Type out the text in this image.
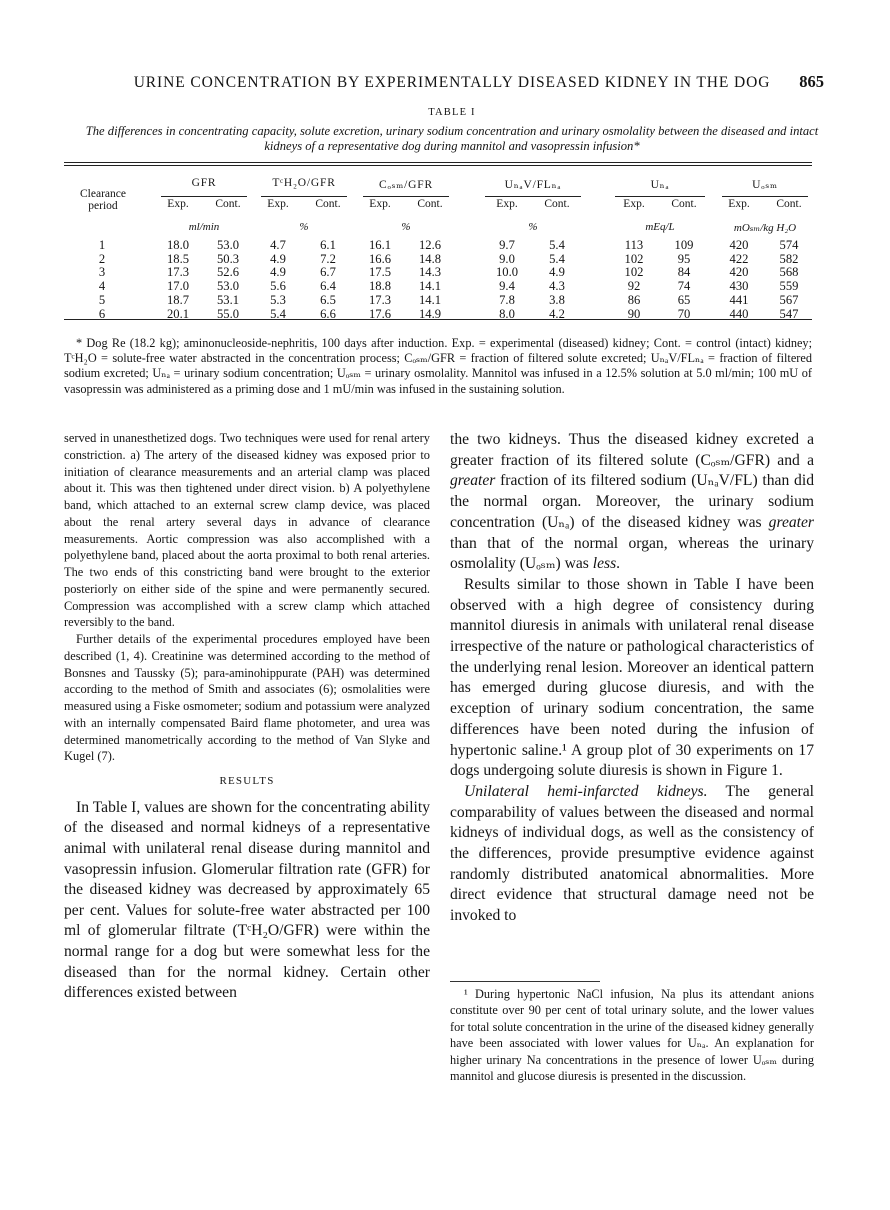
URINE CONCENTRATION BY EXPERIMENTALLY DISEASED KIDNEY IN THE DOG	865
TABLE I
The differences in concentrating capacity, solute excretion, urinary sodium concentration and urinary osmolality between the diseased and intact kidneys of a representative dog during mannitol and vasopressin infusion*
Clearance period
GFR
Exp.	Cont.
ml/min
TᶜH₂O/GFR
Exp.	Cont.
%
Cₒₛₘ/GFR
Exp.	Cont.
%
UₙₐV/FLₙₐ
Exp.	Cont.
%
Uₙₐ
Exp.	Cont.
mEq/L
Uₒₛₘ
Exp.	Cont.
mOₛₘ/kg H₂O
1	18.0	53.0	4.7	6.1	16.1	12.6	9.7	5.4	113	109	420	574
2	18.5	50.3	4.9	7.2	16.6	14.8	9.0	5.4	102	95	422	582
3	17.3	52.6	4.9	6.7	17.5	14.3	10.0	4.9	102	84	420	568
4	17.0	53.0	5.6	6.4	18.8	14.1	9.4	4.3	92	74	430	559
5	18.7	53.1	5.3	6.5	17.3	14.1	7.8	3.8	86	65	441	567
6	20.1	55.0	5.4	6.6	17.6	14.9	8.0	4.2	90	70	440	547
* Dog Re (18.2 kg); aminonucleoside-nephritis, 100 days after induction. Exp. = experimental (diseased) kidney; Cont. = control (intact) kidney; TᶜH₂O = solute-free water abstracted in the concentration process; Cₒₛₘ/GFR = fraction of filtered solute excreted; UₙₐV/FLₙₐ = fraction of filtered sodium excreted; Uₙₐ = urinary sodium concentration; Uₒₛₘ = urinary osmolality. Mannitol was infused in a 12.5% solution at 5.0 ml/min; 100 mU of vasopressin was administered as a priming dose and 1 mU/min was infused in the sustaining solution.

served in unanesthetized dogs. Two techniques were used for renal artery constriction. a) The artery of the diseased kidney was exposed prior to initiation of clearance measurements and an arterial clamp was placed about it. This was then tightened under direct vision. b) A polyethylene band, which attached to an external screw clamp device, was placed about the renal artery several days in advance of clearance measurements. Aortic compression was also accomplished with a polyethylene band, placed about the aorta proximal to both renal arteries. The two ends of this constricting band were brought to the exterior posteriorly on either side of the spine and were permanently secured. Compression was accomplished with a screw clamp which attached reversibly to the band.

Further details of the experimental procedures employed have been described (1, 4). Creatinine was determined according to the method of Bonsnes and Taussky (5); para-aminohippurate (PAH) was determined according to the method of Smith and associates (6); osmolalities were measured using a Fiske osmometer; sodium and potassium were analyzed with an internally compensated Baird flame photometer, and urea was determined manometrically according to the method of Van Slyke and Kugel (7).

RESULTS

In Table I, values are shown for the concentrating ability of the diseased and normal kidneys of a representative animal with unilateral renal disease during mannitol and vasopressin infusion. Glomerular filtration rate (GFR) for the diseased kidney was decreased by approximately 65 per cent. Values for solute-free water abstracted per 100 ml of glomerular filtrate (TᶜH₂O/GFR) were within the normal range for a dog but were somewhat less for the diseased than for the normal kidney. Certain other differences existed between

the two kidneys. Thus the diseased kidney excreted a greater fraction of its filtered solute (Cₒₛₘ/GFR) and a greater fraction of its filtered sodium (UₙₐV/FL) than did the normal organ. Moreover, the urinary sodium concentration (Uₙₐ) of the diseased kidney was greater than that of the normal organ, whereas the urinary osmolality (Uₒₛₘ) was less.

Results similar to those shown in Table I have been observed with a high degree of consistency during mannitol diuresis in animals with unilateral renal disease irrespective of the nature or pathological characteristics of the underlying renal lesion. Moreover an identical pattern has emerged during glucose diuresis, and with the exception of urinary sodium concentration, the same differences have been noted during the infusion of hypertonic saline.¹ A group plot of 30 experiments on 17 dogs undergoing solute diuresis is shown in Figure 1.

Unilateral hemi-infarcted kidneys. The general comparability of values between the diseased and normal kidneys of individual dogs, as well as the consistency of the differences, provide presumptive evidence against randomly distributed anatomical abnormalities. More direct evidence that structural damage need not be invoked to

¹ During hypertonic NaCl infusion, Na plus its attendant anions constitute over 90 per cent of total urinary solute, and the lower values for total solute concentration in the urine of the diseased kidney generally have been associated with lower values for Uₙₐ. An explanation for higher urinary Na concentrations in the presence of lower Uₒₛₘ during mannitol and glucose diuresis is presented in the discussion.
